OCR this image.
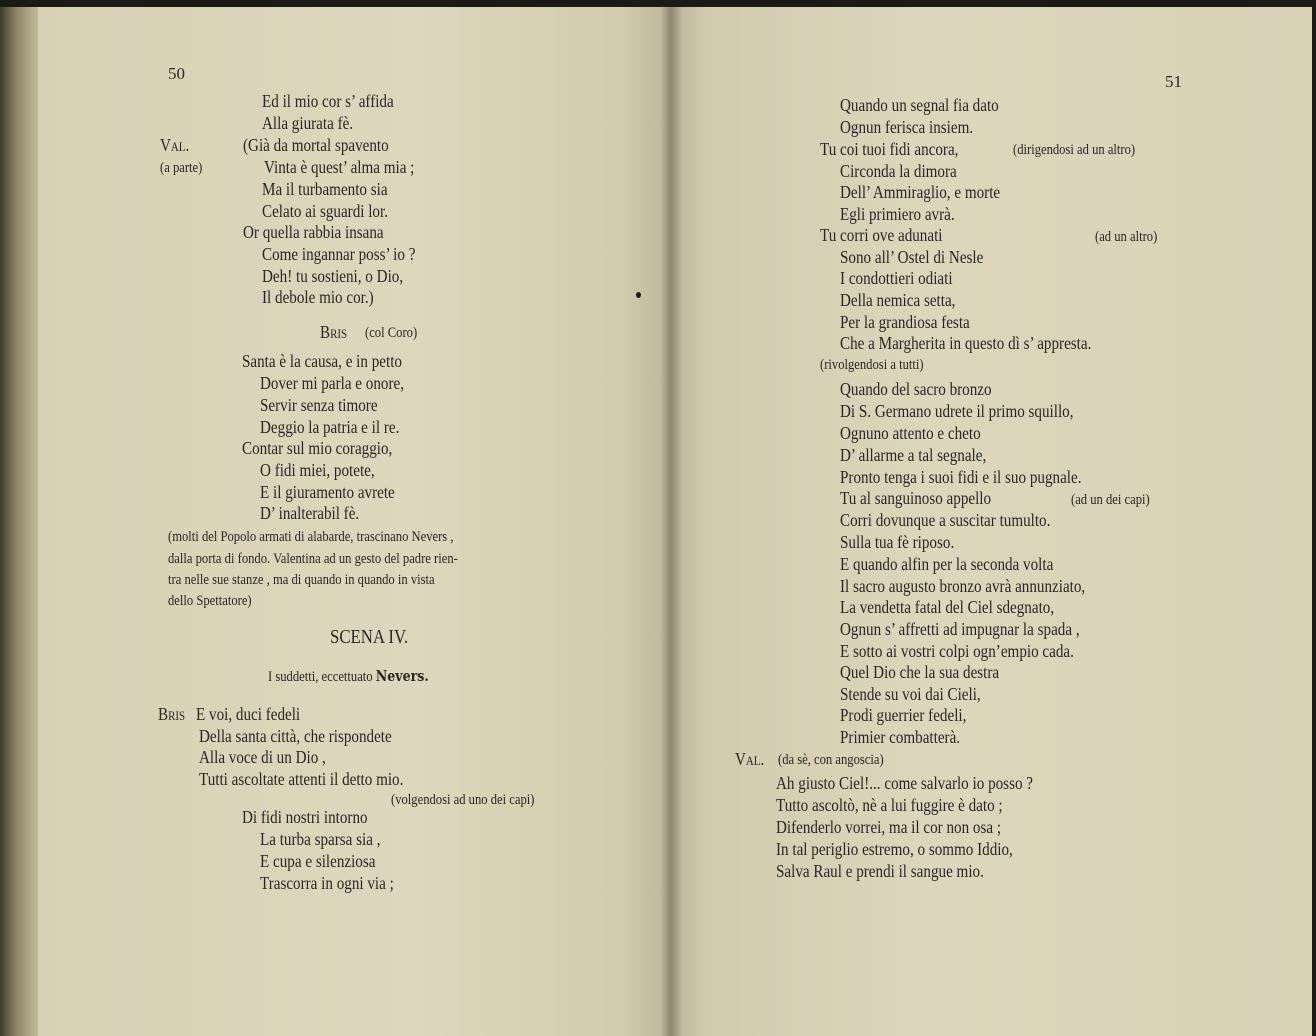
50
Ed il mio cor s’ affida
Alla giurata fè.
Val.	(Già da mortal spavento
(a parte)	Vinta è quest’ alma mia ;
Ma il turbamento sia
Celato ai sguardi lor.
Or quella rabbia insana
Come ingannar poss’ io ?
Deh! tu sostieni, o Dio,
Il debole mio cor.)
Bris (col Coro)
Santa è la causa, e in petto
Dover mi parla e onore,
Servir senza timore
Deggio la patria e il re.
Contar sul mio coraggio,
O fidi miei, potete,
E il giuramento avrete
D’ inalterabil fè.
(molti del Popolo armati di alabarde, trascinano Nevers ,
dalla porta di fondo. Valentina ad un gesto del padre rien-
tra nelle sue stanze , ma di quando in quando in vista
dello Spettatore)
SCENA IV.
I suddetti, eccettuato Nevers.
Bris E voi, duci fedeli
Della santa città, che rispondete
Alla voce di un Dio ,
Tutti ascoltate attenti il detto mio.
(volgendosi ad uno dei capi)
Di fidi nostri intorno
La turba sparsa sia ,
E cupa e silenziosa
Trascorra in ogni via ;
51
Quando un segnal fia dato
Ognun ferisca insiem.
Tu coi tuoi fidi ancora,	(dirigendosi ad un altro)
Circonda la dimora
Dell’ Ammiraglio, e morte
Egli primiero avrà.
Tu corri ove adunati	(ad un altro)
Sono all’ Ostel di Nesle
I condottieri odiati
Della nemica setta,
Per la grandiosa festa
Che a Margherita in questo dì s’ appresta.
(rivolgendosi a tutti)
Quando del sacro bronzo
Di S. Germano udrete il primo squillo,
Ognuno attento e cheto
D’ allarme a tal segnale,
Pronto tenga i suoi fidi e il suo pugnale.
Tu al sanguinoso appello	(ad un dei capi)
Corri dovunque a suscitar tumulto.
Sulla tua fè riposo.
E quando alfin per la seconda volta
Il sacro augusto bronzo avrà annunziato,
La vendetta fatal del Ciel sdegnato,
Ognun s’ affretti ad impugnar la spada ,
E sotto ai vostri colpi ogn’empio cada.
Quel Dio che la sua destra
Stende su voi dai Cieli,
Prodi guerrier fedeli,
Primier combatterà.
Val. (da sè, con angoscia)
Ah giusto Ciel!... come salvarlo io posso ?
Tutto ascoltò, nè a lui fuggire è dato ;
Difenderlo vorrei, ma il cor non osa ;
In tal periglio estremo, o sommo Iddio,
Salva Raul e prendi il sangue mio.
